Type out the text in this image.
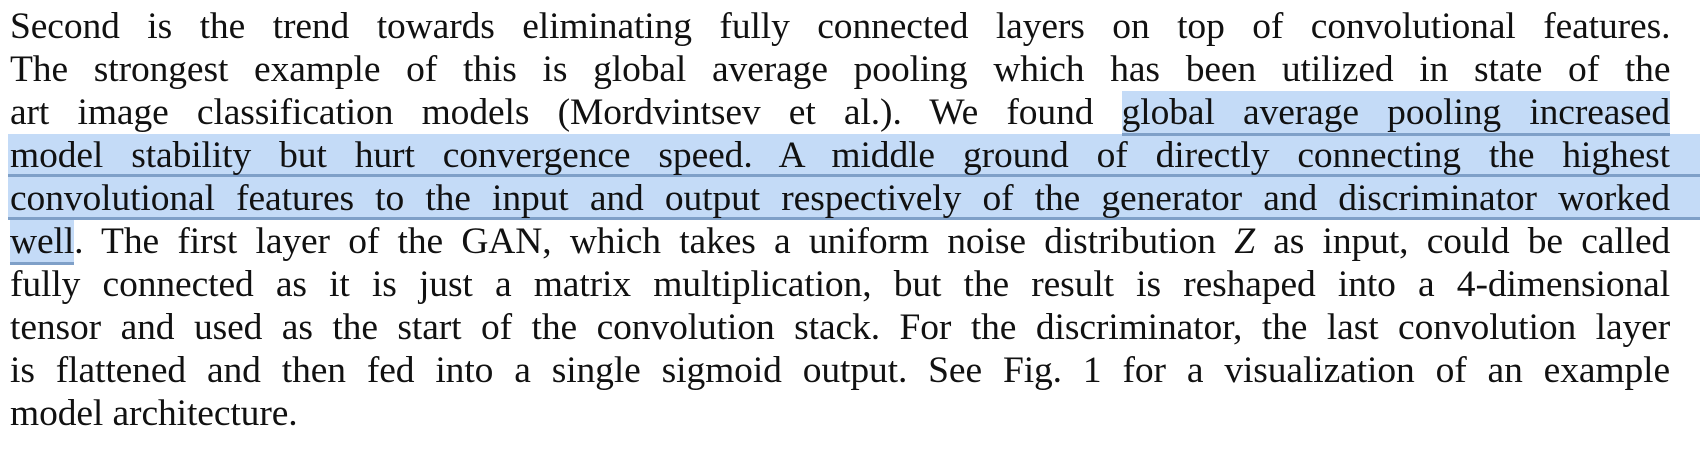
Second is the trend towards eliminating fully connected layers on top of convolutional features.
The strongest example of this is global average pooling which has been utilized in state of the
art image classification models (Mordvintsev et al.). We found global average pooling increased
model stability but hurt convergence speed. A middle ground of directly connecting the highest
convolutional features to the input and output respectively of the generator and discriminator worked
well. The first layer of the GAN, which takes a uniform noise distribution Z as input, could be called
fully connected as it is just a matrix multiplication, but the result is reshaped into a 4-dimensional
tensor and used as the start of the convolution stack. For the discriminator, the last convolution layer
is flattened and then fed into a single sigmoid output. See Fig. 1 for a visualization of an example
model architecture.
